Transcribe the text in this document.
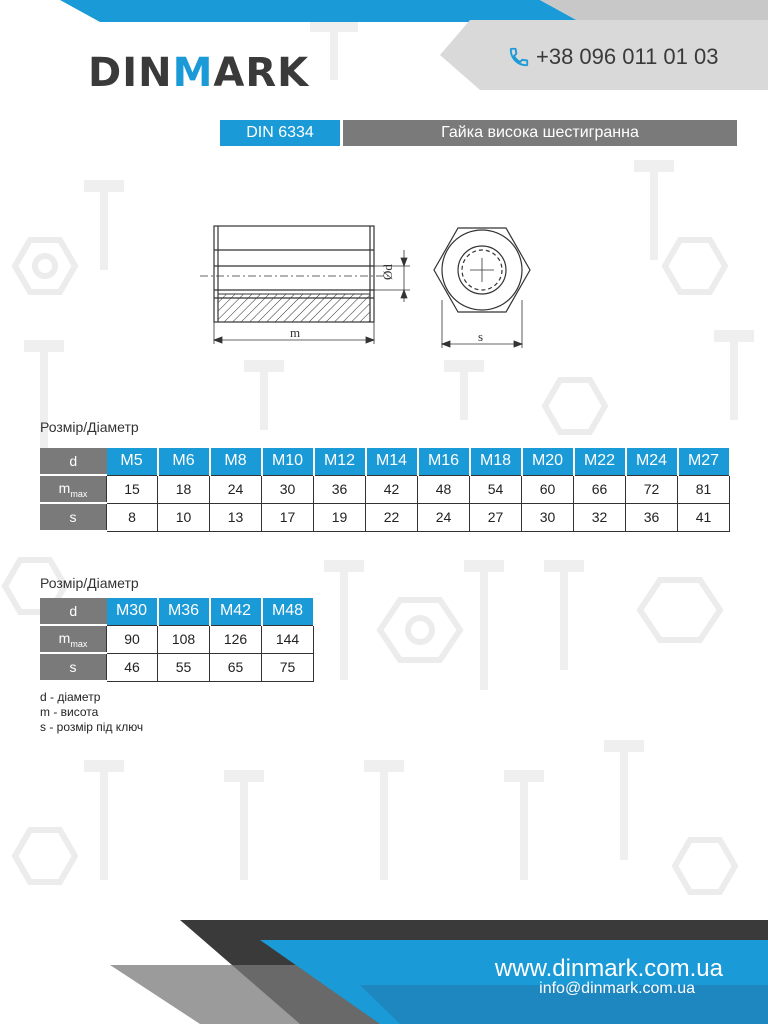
DINMARK	+38 096 011 01 03
DIN 6334	Гайка висока шестигранна
m
Ød
s
Розмір/Діаметр
d	M5	M6	M8	M10	M12	M14	M16	M18	M20	M22	M24	M27
$m_{max}$	15	18	24	30	36	42	48	54	60	66	72	81
s	8	10	13	17	19	22	24	27	30	32	36	41
Розмір/Діаметр
d	M30	M36	M42	M48
$m_{max}$	90	108	126	144
s	46	55	65	75
d - діаметр
m - висота
s - розмір під ключ
www.dinmark.com.ua
info@dinmark.com.ua
